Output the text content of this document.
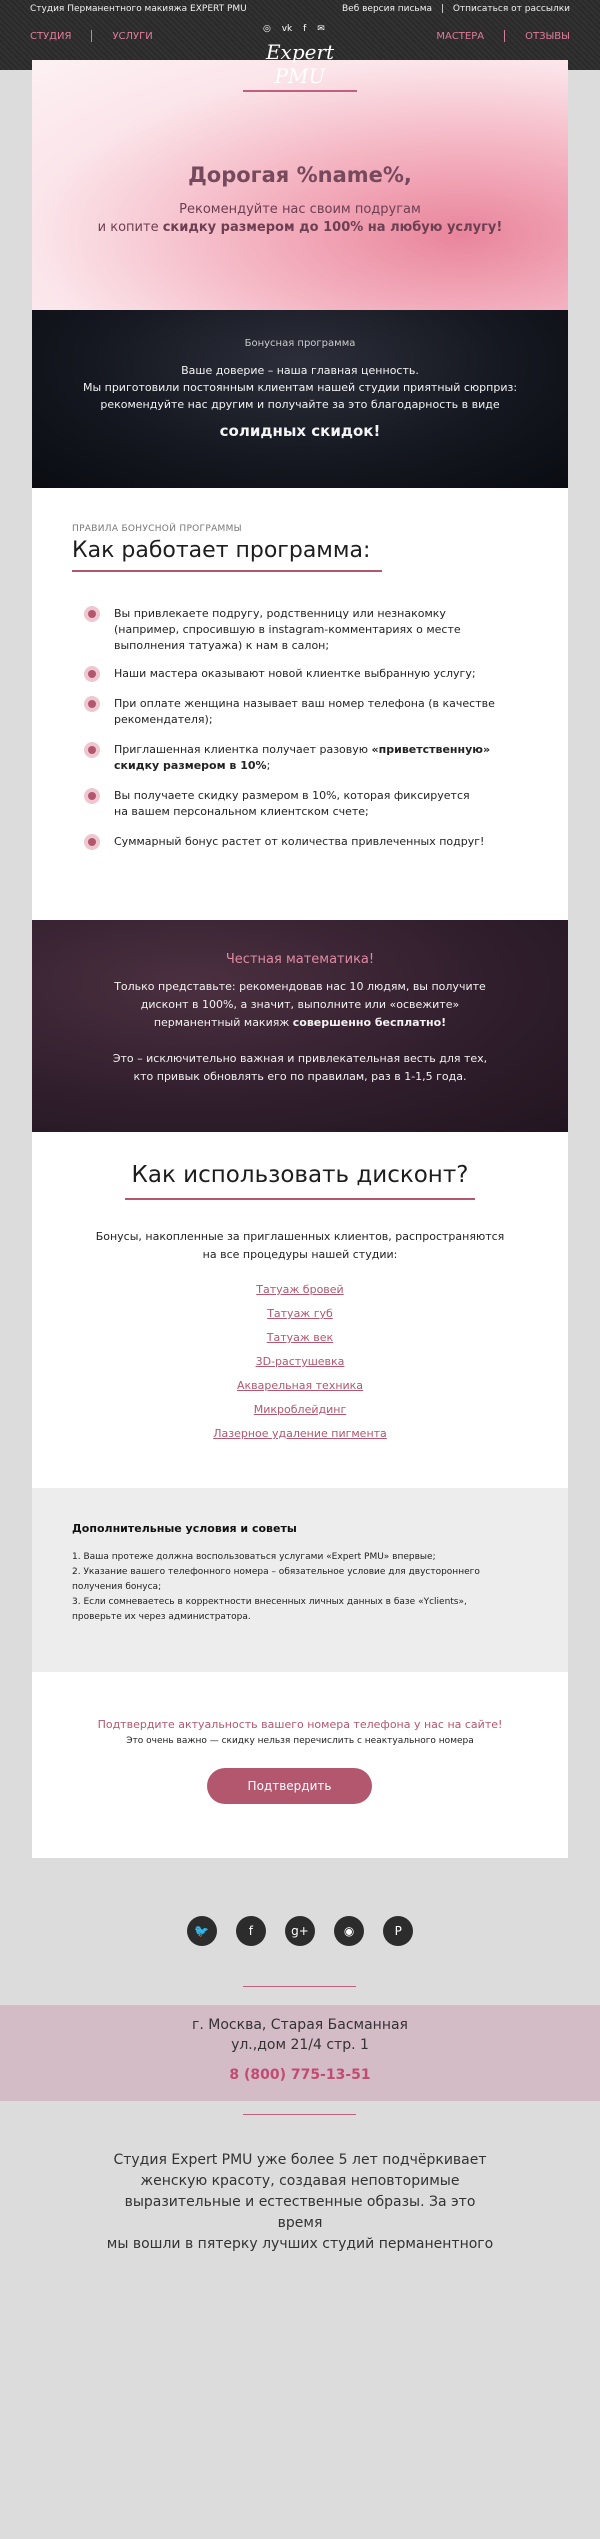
Студия Перманентного макияжа EXPERT PMU	Веб версия письма | Отписаться от рассылки
СТУДИЯ	УСЛУГИ
◎ vk f ✉
МАСТЕРА	ОТЗЫВЫ
Дорогая %name%,
Рекомендуйте нас своим подругам
и копите скидку размером до 100% на любую услугу!
Бонусная программа
Ваше доверие – наша главная ценность.
Мы приготовили постоянным клиентам нашей студии приятный сюрприз:
рекомендуйте нас другим и получайте за это благодарность в виде
солидных скидок!
ПРАВИЛА БОНУСНОЙ ПРОГРАММЫ
Как работает программа:
Вы привлекаете подругу, родственницу или незнакомку
(например, спросившую в instagram-комментариях о месте
выполнения татуажа) к нам в салон;
Наши мастера оказывают новой клиентке выбранную услугу;
При оплате женщина называет ваш номер телефона (в качестве
рекомендателя);
Приглашенная клиентка получает разовую «приветственную»
скидку размером в 10%;
Вы получаете скидку размером в 10%, которая фиксируется
на вашем персональном клиентском счете;
Суммарный бонус растет от количества привлеченных подруг!
Честная математика!
Только представьте: рекомендовав нас 10 людям, вы получите
дисконт в 100%, а значит, выполните или «освежите»
перманентный макияж совершенно бесплатно!
Это – исключительно важная и привлекательная весть для тех,
кто привык обновлять его по правилам, раз в 1-1,5 года.
Как использовать дисконт?
Бонусы, накопленные за приглашенных клиентов, распространяются
на все процедуры нашей студии:
Татуаж бровей
Татуаж губ
Татуаж век
3D-растушевка
Акварельная техника
Микроблейдинг
Лазерное удаление пигмента
Дополнительные условия и советы
1. Ваша протеже должна воспользоваться услугами «Expert PMU» впервые;
2. Указание вашего телефонного номера – обязательное условие для двустороннего
получения бонуса;
3. Если сомневаетесь в корректности внесенных личных данных в базе «Yclients»,
проверьте их через администратора.
Подтвердите актуальность вашего номера телефона у нас на сайте!
Это очень важно — скидку нельзя перечислить с неактуального номера
Подтвердить
Expert PMU
🐦	f	g+	◉	P
г. Москва, Старая Басманная
ул.,дом 21/4 стр. 1
8 (800) 775-13-51
Студия Expert PMU уже более 5 лет подчёркивает
женскую красоту, создавая неповторимые
выразительные и естественные образы. За это время
мы вошли в пятерку лучших студий перманентного
